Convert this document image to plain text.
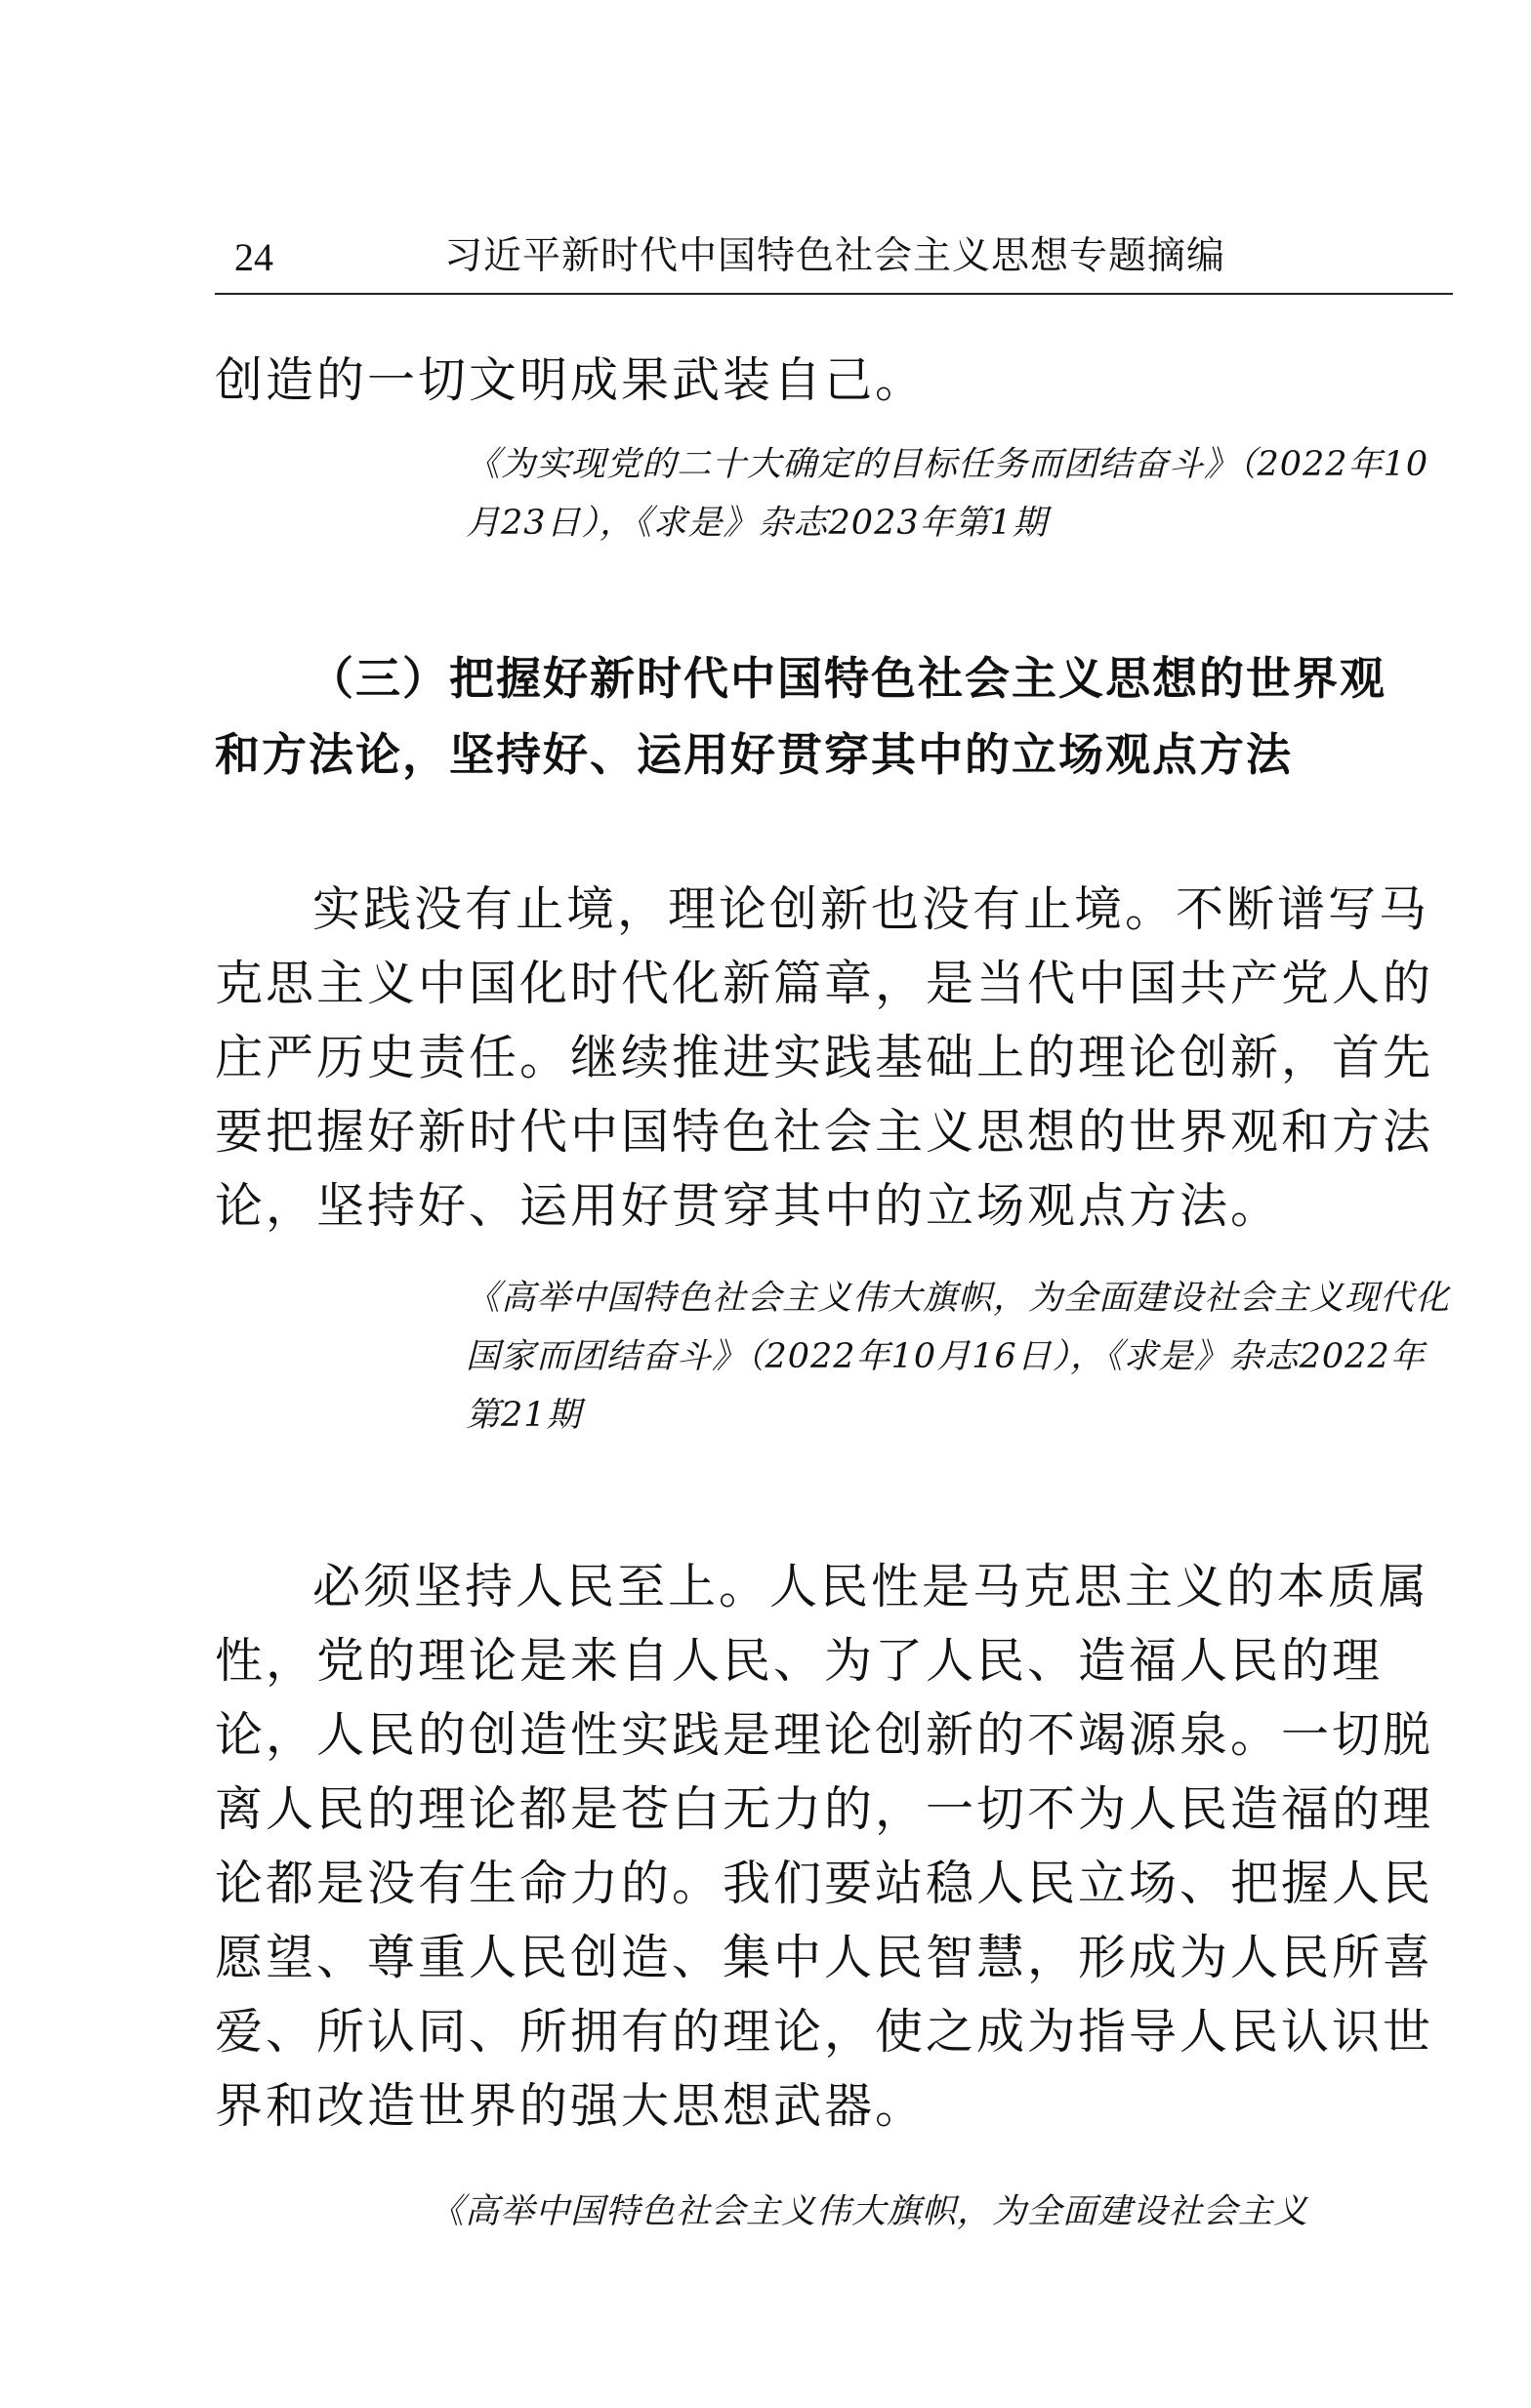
24	习近平新时代中国特色社会主义思想专题摘编

创造的一切文明成果武装自己。

《为实现党的二十大确定的目标任务而团结奋斗》（2022年10月23日），《求是》杂志2023年第1期

（三）把握好新时代中国特色社会主义思想的世界观
和方法论，坚持好、运用好贯穿其中的立场观点方法

实践没有止境，理论创新也没有止境。不断谱写马克思主义中国化时代化新篇章，是当代中国共产党人的庄严历史责任。继续推进实践基础上的理论创新，首先要把握好新时代中国特色社会主义思想的世界观和方法论，坚持好、运用好贯穿其中的立场观点方法。

《高举中国特色社会主义伟大旗帜，为全面建设社会主义现代化国家而团结奋斗》（2022年10月16日），《求是》杂志2022年第21期

必须坚持人民至上。人民性是马克思主义的本质属性，党的理论是来自人民、为了人民、造福人民的理论，人民的创造性实践是理论创新的不竭源泉。一切脱离人民的理论都是苍白无力的，一切不为人民造福的理论都是没有生命力的。我们要站稳人民立场、把握人民愿望、尊重人民创造、集中人民智慧，形成为人民所喜爱、所认同、所拥有的理论，使之成为指导人民认识世界和改造世界的强大思想武器。

《高举中国特色社会主义伟大旗帜，为全面建设社会主义
